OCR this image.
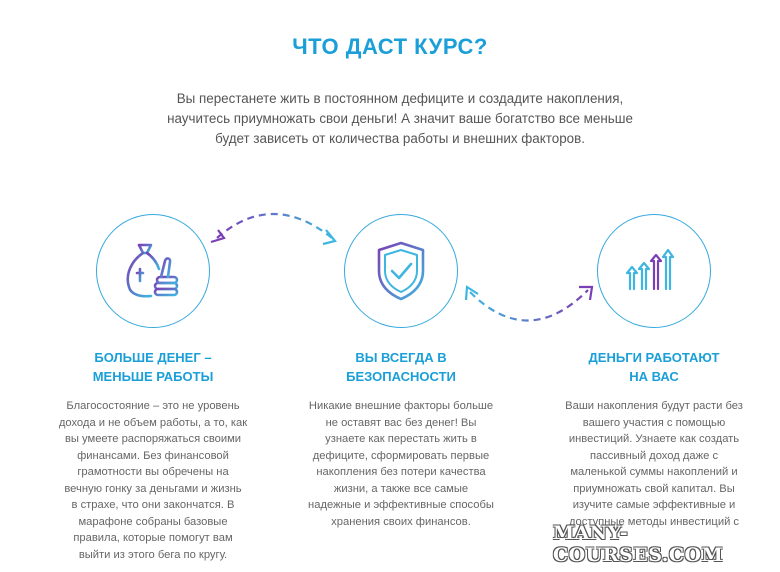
ЧТО ДАСТ КУРС?

Вы перестанете жить в постоянном дефиците и создадите накопления,
научитесь приумножать свои деньги! А значит ваше богатство все меньше
будет зависеть от количества работы и внешних факторов.

БОЛЬШЕ ДЕНЕГ –
МЕНЬШЕ РАБОТЫ

Благосостояние – это не уровень
дохода и не объем работы, а то, как
вы умеете распоряжаться своими
финансами. Без финансовой
грамотности вы обречены на
вечную гонку за деньгами и жизнь
в страхе, что они закончатся. В
марафоне собраны базовые
правила, которые помогут вам
выйти из этого бега по кругу.

ВЫ ВСЕГДА В
БЕЗОПАСНОСТИ

Никакие внешние факторы больше
не оставят вас без денег! Вы
узнаете как перестать жить в
дефиците, сформировать первые
накопления без потери качества
жизни, а также все самые
надежные и эффективные способы
хранения своих финансов.

ДЕНЬГИ РАБОТАЮТ
НА ВАС

Ваши накопления будут расти без
вашего участия с помощью
инвестиций. Узнаете как создать
пассивный доход даже с
маленькой суммы накоплений и
приумножать свой капитал. Вы
изучите самые эффективные и
доступные методы инвестиций с

MANY-COURSES.COM
